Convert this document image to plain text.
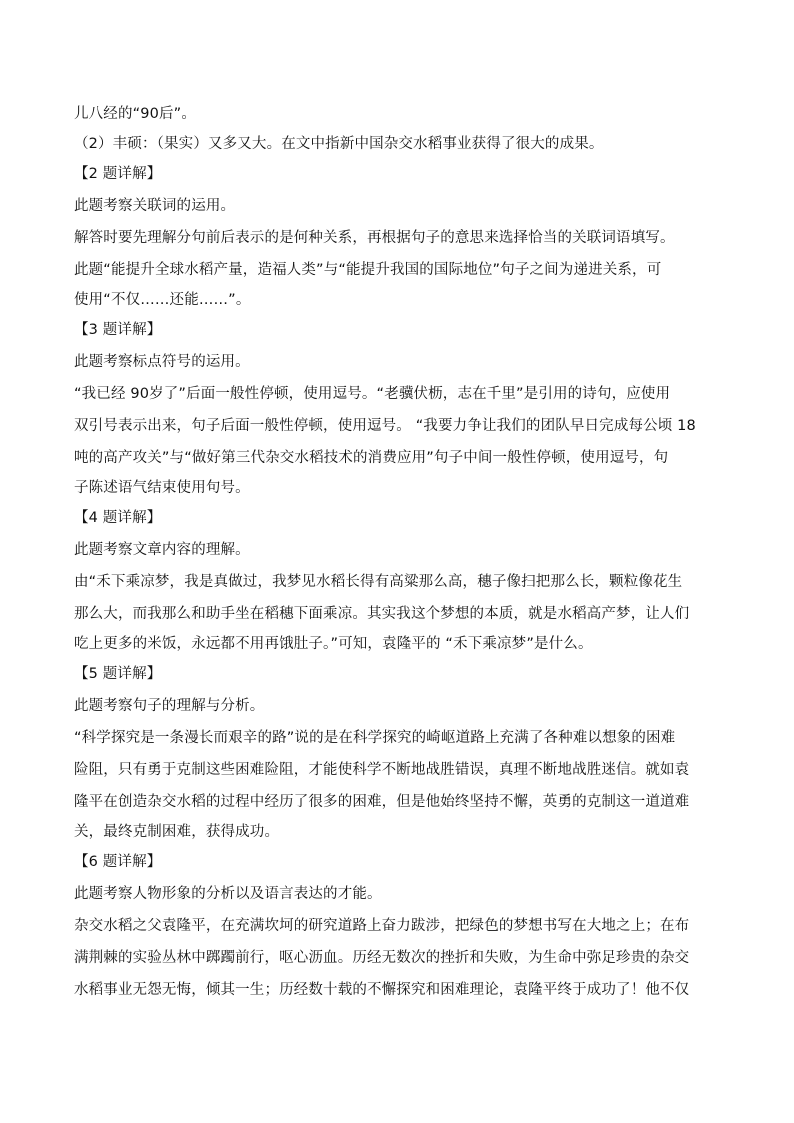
儿八经的“90后”。
（2）丰硕：（果实）又多又大。在文中指新中国杂交水稻事业获得了很大的成果。
【2 题详解】
此题考察关联词的运用。
解答时要先理解分句前后表示的是何种关系，再根据句子的意思来选择恰当的关联词语填写。
此题“能提升全球水稻产量，造福人类”与“能提升我国的国际地位”句子之间为递进关系，可
使用“不仅……还能……”。
【3 题详解】
此题考察标点符号的运用。
“我已经 90岁了”后面一般性停顿，使用逗号。“老骥伏枥，志在千里”是引用的诗句，应使用
双引号表示出来，句子后面一般性停顿，使用逗号。 “我要力争让我们的团队早日完成每公顷 18
吨的高产攻关”与“做好第三代杂交水稻技术的消费应用”句子中间一般性停顿，使用逗号，句
子陈述语气结束使用句号。
【4 题详解】
此题考察文章内容的理解。
由“禾下乘凉梦，我是真做过，我梦见水稻长得有高粱那么高，穗子像扫把那么长，颗粒像花生
那么大，而我那么和助手坐在稻穗下面乘凉。其实我这个梦想的本质，就是水稻高产梦，让人们
吃上更多的米饭，永远都不用再饿肚子。”可知，袁隆平的 “禾下乘凉梦”是什么。
【5 题详解】
此题考察句子的理解与分析。
“科学探究是一条漫长而艰辛的路”说的是在科学探究的崎岖道路上充满了各种难以想象的困难
险阻，只有勇于克制这些困难险阻，才能使科学不断地战胜错误，真理不断地战胜迷信。就如袁
隆平在创造杂交水稻的过程中经历了很多的困难，但是他始终坚持不懈，英勇的克制这一道道难
关，最终克制困难，获得成功。
【6 题详解】
此题考察人物形象的分析以及语言表达的才能。
杂交水稻之父袁隆平，在充满坎坷的研究道路上奋力跋涉，把绿色的梦想书写在大地之上；在布
满荆棘的实验丛林中踯躅前行，呕心沥血。历经无数次的挫折和失败，为生命中弥足珍贵的杂交
水稻事业无怨无悔，倾其一生；历经数十载的不懈探究和困难理论，袁隆平终于成功了！他不仅
